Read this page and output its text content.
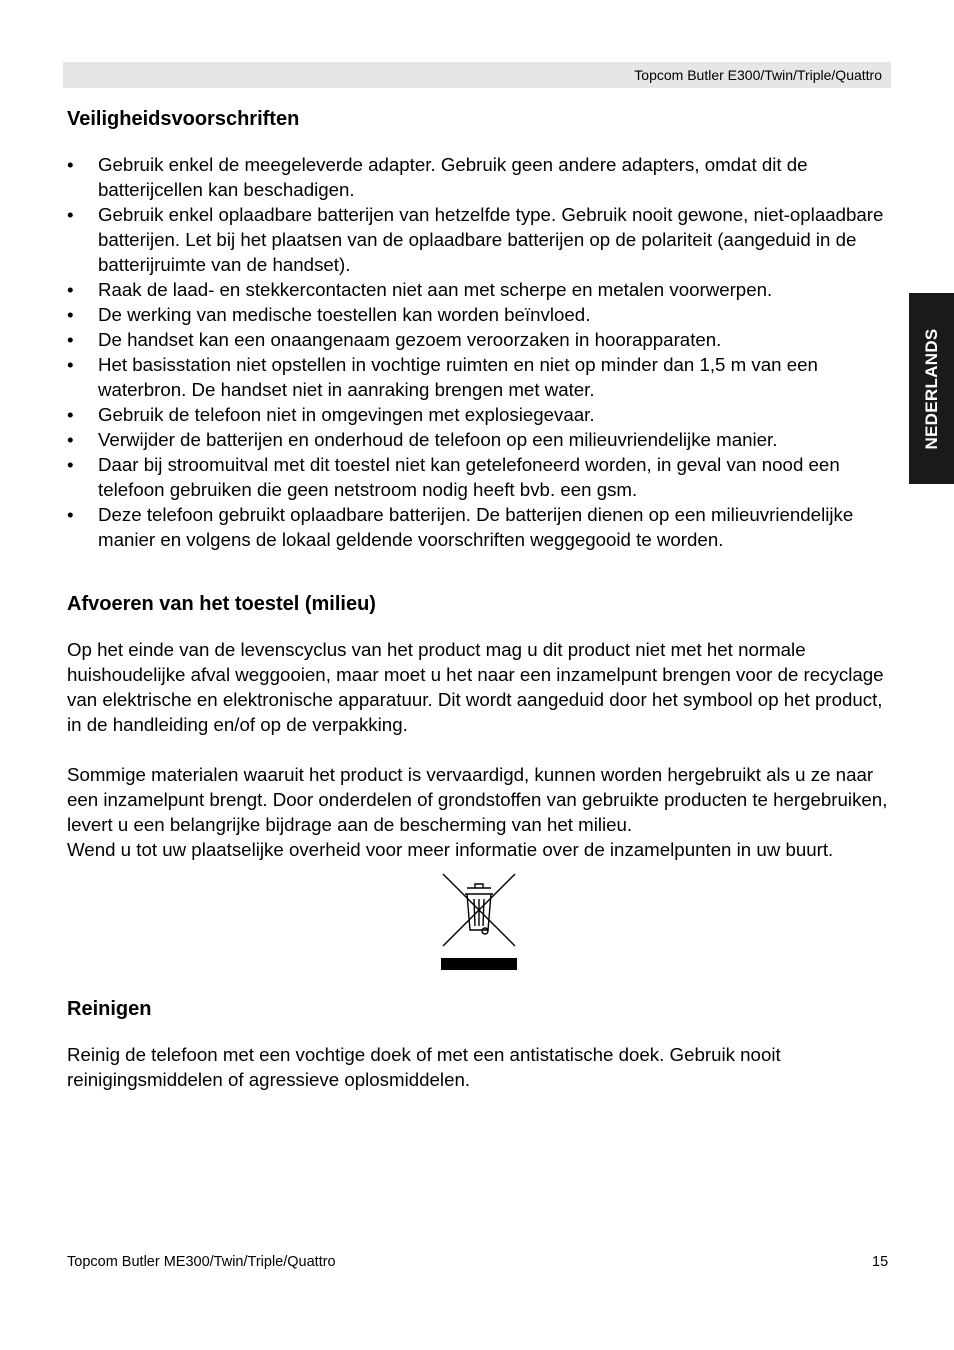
Topcom Butler E300/Twin/Triple/Quattro
NEDERLANDS
Veiligheidsvoorschriften
• Gebruik enkel de meegeleverde adapter. Gebruik geen andere adapters, omdat dit de batterijcellen kan beschadigen.
• Gebruik enkel oplaadbare batterijen van hetzelfde type. Gebruik nooit gewone, niet-oplaadbare batterijen. Let bij het plaatsen van de oplaadbare batterijen op de polariteit (aangeduid in de batterijruimte van de handset).
• Raak de laad- en stekkercontacten niet aan met scherpe en metalen voorwerpen.
• De werking van medische toestellen kan worden beïnvloed.
• De handset kan een onaangenaam gezoem veroorzaken in hoorapparaten.
• Het basisstation niet opstellen in vochtige ruimten en niet op minder dan 1,5 m van een waterbron. De handset niet in aanraking brengen met water.
• Gebruik de telefoon niet in omgevingen met explosiegevaar.
• Verwijder de batterijen en onderhoud de telefoon op een milieuvriendelijke manier.
• Daar bij stroomuitval met dit toestel niet kan getelefoneerd worden, in geval van nood een telefoon gebruiken die geen netstroom nodig heeft bvb. een gsm.
• Deze telefoon gebruikt oplaadbare batterijen. De batterijen dienen op een milieuvriendelijke manier en volgens de lokaal geldende voorschriften weggegooid te worden.
Afvoeren van het toestel (milieu)

Op het einde van de levenscyclus van het product mag u dit product niet met het normale huishoudelijke afval weggooien, maar moet u het naar een inzamelpunt brengen voor de recyclage van elektrische en elektronische apparatuur. Dit wordt aangeduid door het symbool op het product, in de handleiding en/of op de verpakking.

Sommige materialen waaruit het product is vervaardigd, kunnen worden hergebruikt als u ze naar een inzamelpunt brengt. Door onderdelen of grondstoffen van gebruikte producten te hergebruiken, levert u een belangrijke bijdrage aan de bescherming van het milieu.

Wend u tot uw plaatselijke overheid voor meer informatie over de inzamelpunten in uw buurt.

Reinigen

Reinig de telefoon met een vochtige doek of met een antistatische doek. Gebruik nooit reinigingsmiddelen of agressieve oplosmiddelen.

Topcom Butler ME300/Twin/Triple/Quattro	15
